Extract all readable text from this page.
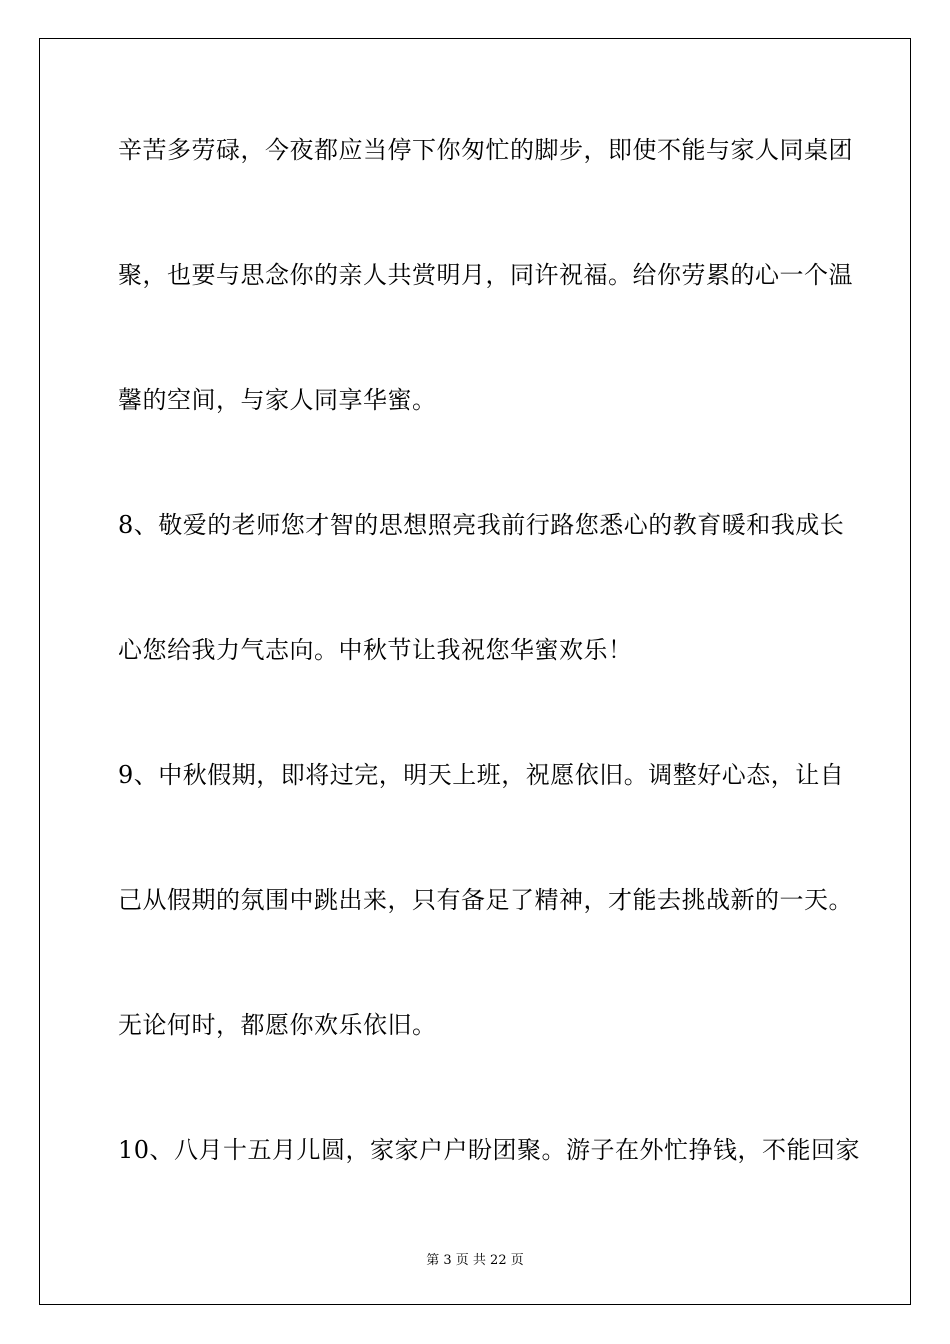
辛苦多劳碌，今夜都应当停下你匆忙的脚步，即使不能与家人同桌团
聚，也要与思念你的亲人共赏明月，同许祝福。给你劳累的心一个温
馨的空间，与家人同享华蜜。
8、敬爱的老师您才智的思想照亮我前行路您悉心的教育暖和我成长
心您给我力气志向。中秋节让我祝您华蜜欢乐！
9、中秋假期，即将过完，明天上班，祝愿依旧。调整好心态，让自
己从假期的氛围中跳出来，只有备足了精神，才能去挑战新的一天。
无论何时，都愿你欢乐依旧。
10、八月十五月儿圆，家家户户盼团聚。游子在外忙挣钱，不能回家
第 3 页 共 22 页
